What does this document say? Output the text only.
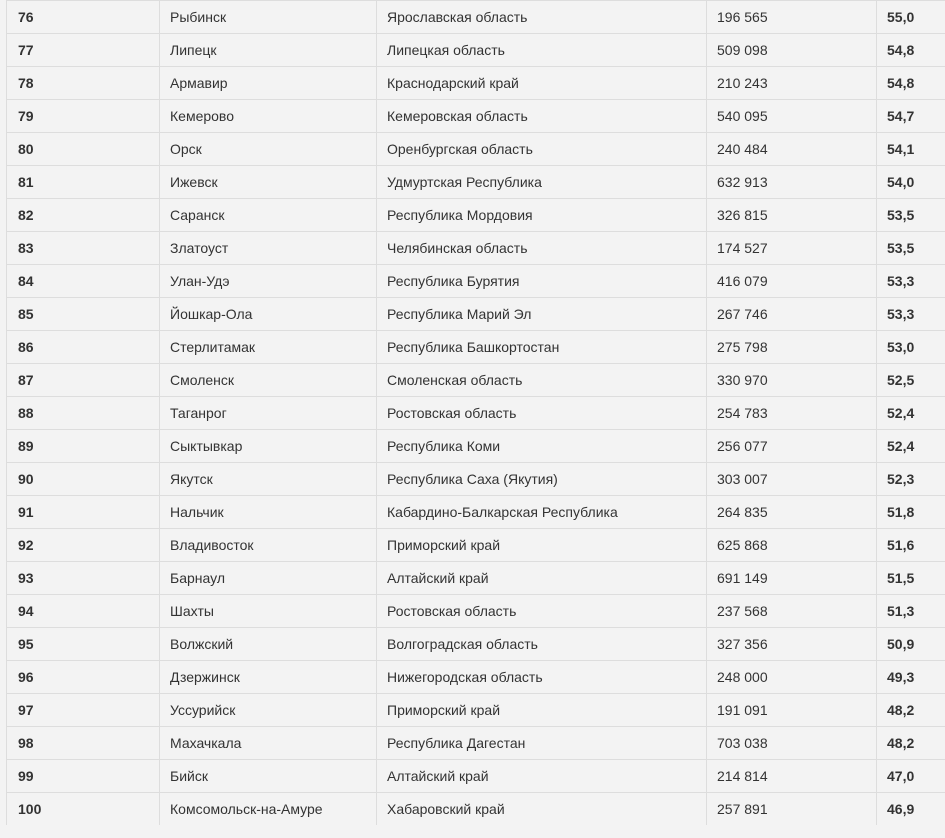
76	Рыбинск	Ярославская область	196 565	55,0
77	Липецк	Липецкая область	509 098	54,8
78	Армавир	Краснодарский край	210 243	54,8
79	Кемерово	Кемеровская область	540 095	54,7
80	Орск	Оренбургская область	240 484	54,1
81	Ижевск	Удмуртская Республика	632 913	54,0
82	Саранск	Республика Мордовия	326 815	53,5
83	Златоуст	Челябинская область	174 527	53,5
84	Улан-Удэ	Республика Бурятия	416 079	53,3
85	Йошкар-Ола	Республика Марий Эл	267 746	53,3
86	Стерлитамак	Республика Башкортостан	275 798	53,0
87	Смоленск	Смоленская область	330 970	52,5
88	Таганрог	Ростовская область	254 783	52,4
89	Сыктывкар	Республика Коми	256 077	52,4
90	Якутск	Республика Саха (Якутия)	303 007	52,3
91	Нальчик	Кабардино-Балкарская Республика	264 835	51,8
92	Владивосток	Приморский край	625 868	51,6
93	Барнаул	Алтайский край	691 149	51,5
94	Шахты	Ростовская область	237 568	51,3
95	Волжский	Волгоградская область	327 356	50,9
96	Дзержинск	Нижегородская область	248 000	49,3
97	Уссурийск	Приморский край	191 091	48,2
98	Махачкала	Республика Дагестан	703 038	48,2
99	Бийск	Алтайский край	214 814	47,0
100	Комсомольск-на-Амуре	Хабаровский край	257 891	46,9
